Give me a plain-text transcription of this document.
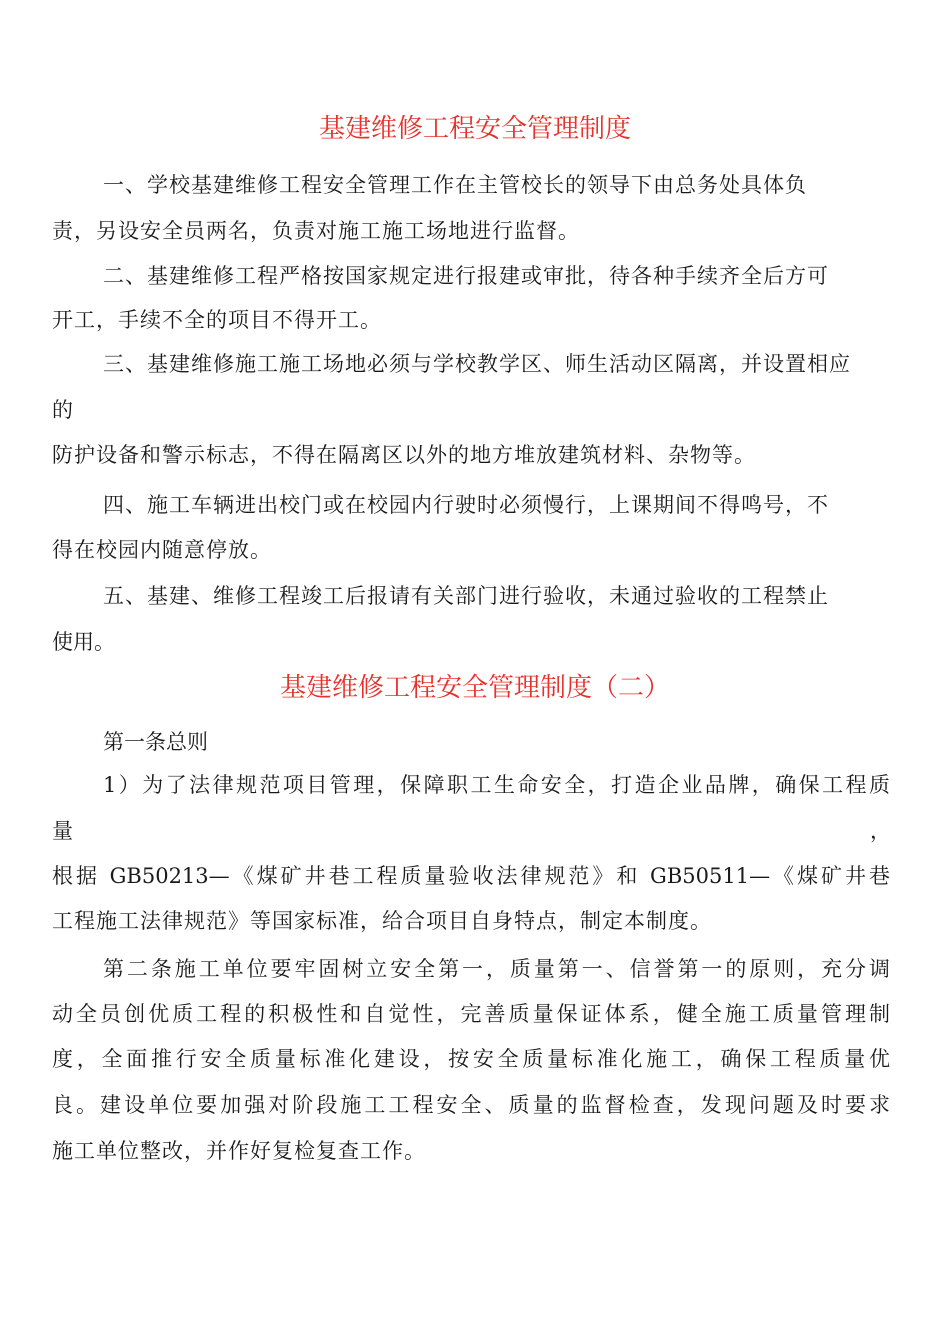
基建维修工程安全管理制度

一、学校基建维修工程安全管理工作在主管校长的领导下由总务处具体负

责，另设安全员两名，负责对施工施工场地进行监督。

二、基建维修工程严格按国家规定进行报建或审批，待各种手续齐全后方可

开工，手续不全的项目不得开工。

三、基建维修施工施工场地必须与学校教学区、师生活动区隔离，并设置相应

的

防护设备和警示标志，不得在隔离区以外的地方堆放建筑材料、杂物等。

四、施工车辆进出校门或在校园内行驶时必须慢行，上课期间不得鸣号，不

得在校园内随意停放。

五、基建、维修工程竣工后报请有关部门进行验收，未通过验收的工程禁止

使用。

基建维修工程安全管理制度（二）

第一条总则

1）为了法律规范项目管理，保障职工生命安全，打造企业品牌，确保工程质

量	，

根据 GB50213—《煤矿井巷工程质量验收法律规范》和 GB50511—《煤矿井巷

工程施工法律规范》等国家标准，给合项目自身特点，制定本制度。

第二条施工单位要牢固树立安全第一，质量第一、信誉第一的原则，充分调

动全员创优质工程的积极性和自觉性，完善质量保证体系，健全施工质量管理制

度，全面推行安全质量标准化建设，按安全质量标准化施工，确保工程质量优

良。建设单位要加强对阶段施工工程安全、质量的监督检查，发现问题及时要求

施工单位整改，并作好复检复查工作。
